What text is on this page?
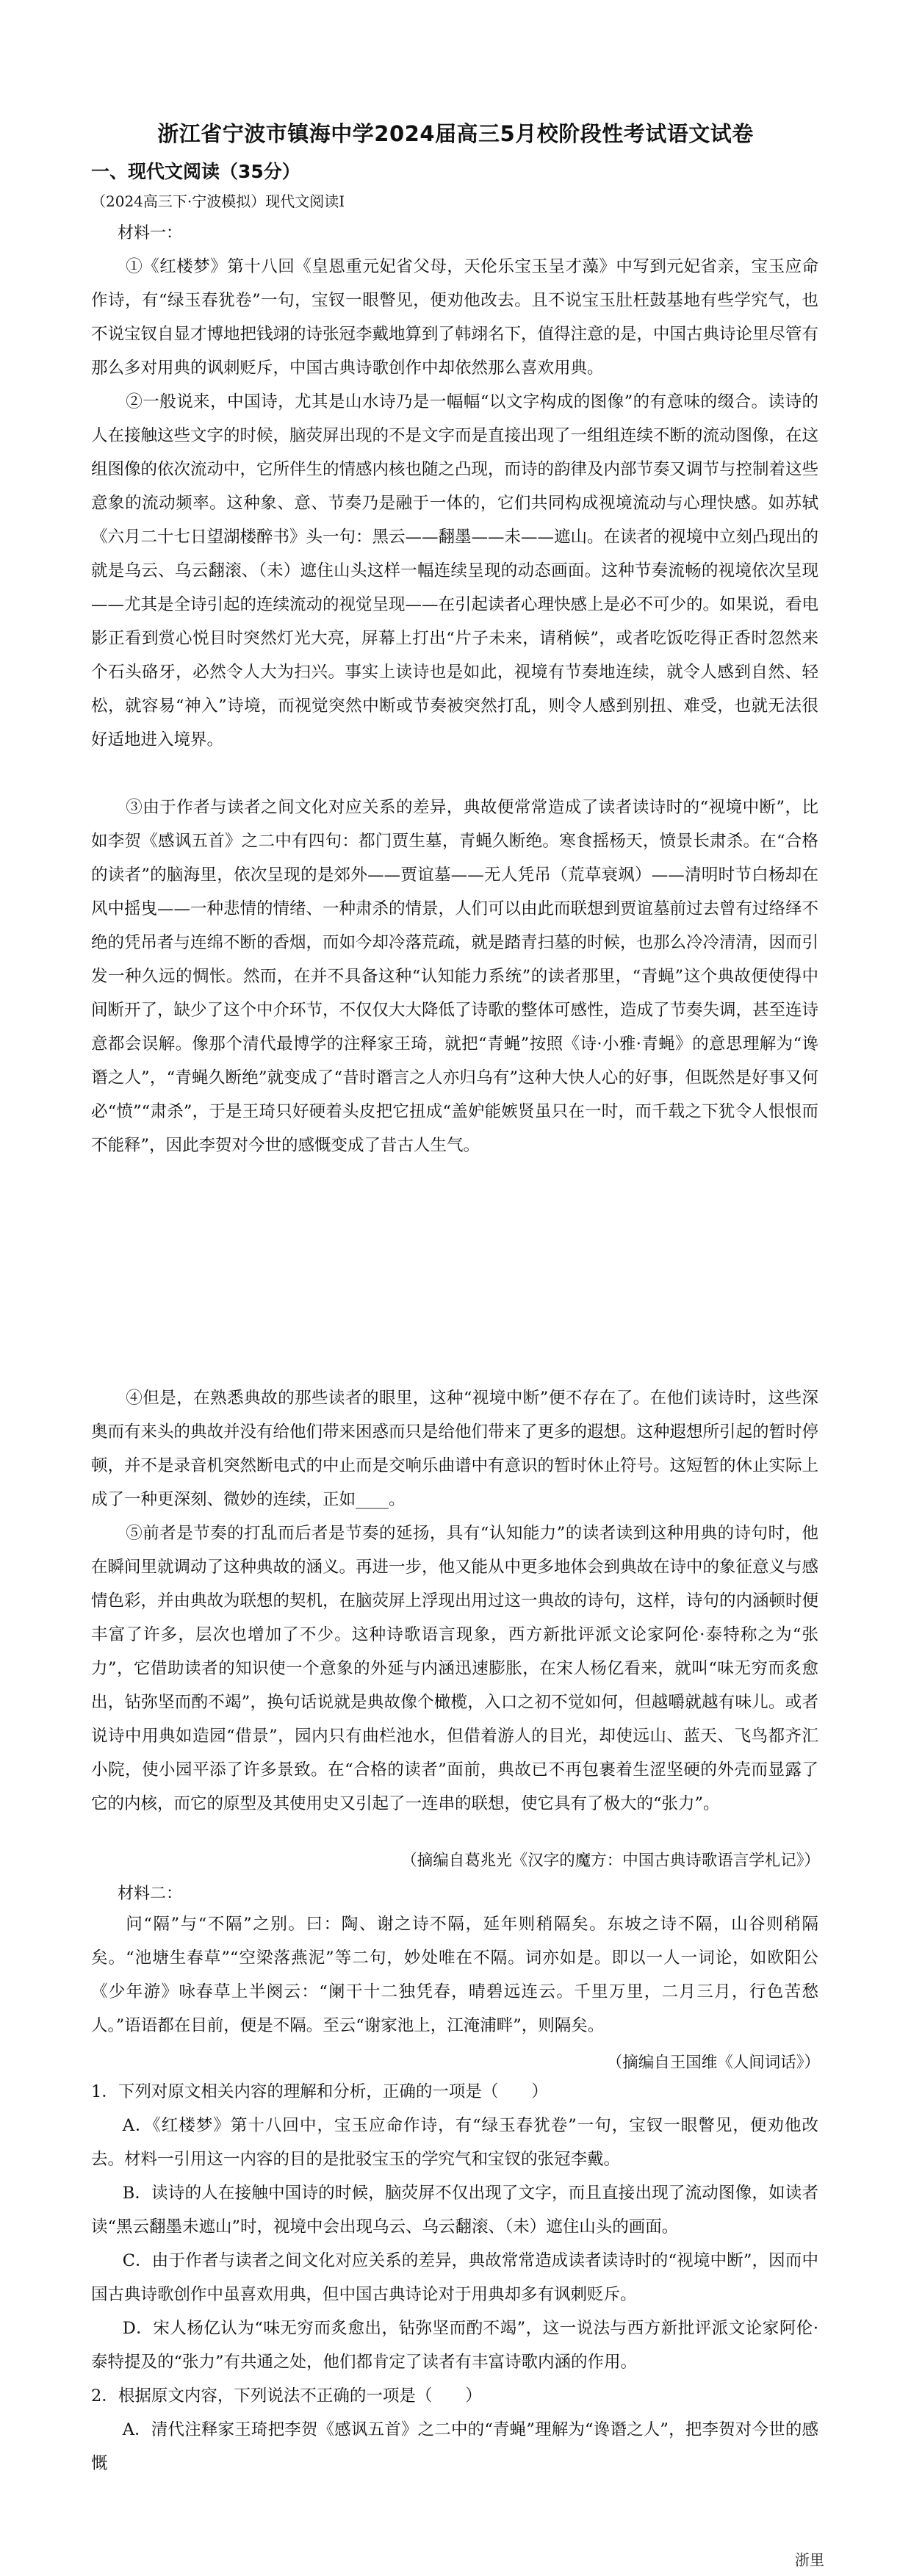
浙江省宁波市镇海中学2024届高三5月校阶段性考试语文试卷
一、现代文阅读（35分）
（2024高三下·宁波模拟）现代文阅读I
材料一：

①《红楼梦》第十八回《皇恩重元妃省父母，天伦乐宝玉呈才藻》中写到元妃省亲，宝玉应命作诗，有“绿玉春犹卷”一句，宝钗一眼瞥见，便劝他改去。且不说宝玉肚枉鼓基地有些学究气，也不说宝钗自显才博地把钱翊的诗张冠李戴地算到了韩翊名下，值得注意的是，中国古典诗论里尽管有那么多对用典的讽刺贬斥，中国古典诗歌创作中却依然那么喜欢用典。

②一般说来，中国诗，尤其是山水诗乃是一幅幅“以文字构成的图像”的有意味的缀合。读诗的人在接触这些文字的时候，脑荧屏出现的不是文字而是直接出现了一组组连续不断的流动图像，在这组图像的依次流动中，它所伴生的情感内核也随之凸现，而诗的韵律及内部节奏又调节与控制着这些意象的流动频率。这种象、意、节奏乃是融于一体的，它们共同构成视境流动与心理快感。如苏轼《六月二十七日望湖楼醉书》头一句：黑云——翻墨——未——遮山。在读者的视境中立刻凸现出的就是乌云、乌云翻滚、（未）遮住山头这样一幅连续呈现的动态画面。这种节奏流畅的视境依次呈现——尤其是全诗引起的连续流动的视觉呈现——在引起读者心理快感上是必不可少的。如果说，看电影正看到赏心悦目时突然灯光大亮，屏幕上打出“片子未来，请稍候”，或者吃饭吃得正香时忽然来个石头硌牙，必然令人大为扫兴。事实上读诗也是如此，视境有节奏地连续，就令人感到自然、轻松，就容易“神入”诗境，而视觉突然中断或节奏被突然打乱，则令人感到别扭、难受，也就无法很好适地进入境界。

③由于作者与读者之间文化对应关系的差异，典故便常常造成了读者读诗时的“视境中断”，比如李贺《感讽五首》之二中有四句：都门贾生墓，青蝇久断绝。寒食摇杨天，愤景长肃杀。在“合格的读者”的脑海里，依次呈现的是郊外——贾谊墓——无人凭吊（荒草衰飒）——清明时节白杨却在风中摇曳——一种悲情的情绪、一种肃杀的情景，人们可以由此而联想到贾谊墓前过去曾有过络绎不绝的凭吊者与连绵不断的香烟，而如今却冷落荒疏，就是踏青扫墓的时候，也那么冷冷清清，因而引发一种久远的惆怅。然而，在并不具备这种“认知能力系统”的读者那里，“青蝇”这个典故便使得中间断开了，缺少了这个中介环节，不仅仅大大降低了诗歌的整体可感性，造成了节奏失调，甚至连诗意都会误解。像那个清代最博学的注释家王琦，就把“青蝇”按照《诗·小雅·青蝇》的意思理解为“谗谮之人”，“青蝇久断绝”就变成了“昔时谮言之人亦归乌有”这种大快人心的好事，但既然是好事又何必“愤”“肃杀”，于是王琦只好硬着头皮把它扭成“盖妒能嫉贤虽只在一时，而千载之下犹令人恨恨而不能释”，因此李贺对今世的感慨变成了昔古人生气。

④但是，在熟悉典故的那些读者的眼里，这种“视境中断”便不存在了。在他们读诗时，这些深奥而有来头的典故并没有给他们带来困惑而只是给他们带来了更多的遐想。这种遐想所引起的暂时停顿，并不是录音机突然断电式的中止而是交响乐曲谱中有意识的暂时休止符号。这短暂的休止实际上成了一种更深刻、微妙的连续，正如____。

⑤前者是节奏的打乱而后者是节奏的延扬，具有“认知能力”的读者读到这种用典的诗句时，他在瞬间里就调动了这种典故的涵义。再进一步，他又能从中更多地体会到典故在诗中的象征意义与感情色彩，并由典故为联想的契机，在脑荧屏上浮现出用过这一典故的诗句，这样，诗句的内涵顿时便丰富了许多，层次也增加了不少。这种诗歌语言现象，西方新批评派文论家阿伦·泰特称之为“张力”，它借助读者的知识使一个意象的外延与内涵迅速膨胀，在宋人杨亿看来，就叫“味无穷而炙愈出，钻弥坚而酌不竭”，换句话说就是典故像个橄榄，入口之初不觉如何，但越嚼就越有味儿。或者说诗中用典如造园“借景”，园内只有曲栏池水，但借着游人的目光，却使远山、蓝天、飞鸟都齐汇小院，使小园平添了许多景致。在“合格的读者”面前，典故已不再包裹着生涩坚硬的外壳而显露了它的内核，而它的原型及其使用史又引起了一连串的联想，使它具有了极大的“张力”。

（摘编自葛兆光《汉字的魔方：中国古典诗歌语言学札记》）
材料二：

问“隔”与“不隔”之别。曰：陶、谢之诗不隔，延年则稍隔矣。东坡之诗不隔，山谷则稍隔矣。“池塘生春草”“空梁落燕泥”等二句，妙处唯在不隔。词亦如是。即以一人一词论，如欧阳公《少年游》咏春草上半阕云：“阑干十二独凭春，晴碧远连云。千里万里，二月三月，行色苦愁人。”语语都在目前，便是不隔。至云“谢家池上，江淹浦畔”，则隔矣。

（摘编自王国维《人间词话》）

1．下列对原文相关内容的理解和分析，正确的一项是（　　）

A．《红楼梦》第十八回中，宝玉应命作诗，有“绿玉春犹卷”一句，宝钗一眼瞥见，便劝他改去。材料一引用这一内容的目的是批驳宝玉的学究气和宝钗的张冠李戴。

B．读诗的人在接触中国诗的时候，脑荧屏不仅出现了文字，而且直接出现了流动图像，如读者读“黑云翻墨未遮山”时，视境中会出现乌云、乌云翻滚、（未）遮住山头的画面。

C．由于作者与读者之间文化对应关系的差异，典故常常造成读者读诗时的“视境中断”，因而中国古典诗歌创作中虽喜欢用典，但中国古典诗论对于用典却多有讽刺贬斥。

D．宋人杨亿认为“味无穷而炙愈出，钻弥坚而酌不竭”，这一说法与西方新批评派文论家阿伦·泰特提及的“张力”有共通之处，他们都肯定了读者有丰富诗歌内涵的作用。

2．根据原文内容，下列说法不正确的一项是（　　）

A．清代注释家王琦把李贺《感讽五首》之二中的“青蝇”理解为“谗谮之人”，把李贺对今世的感慨

浙里
